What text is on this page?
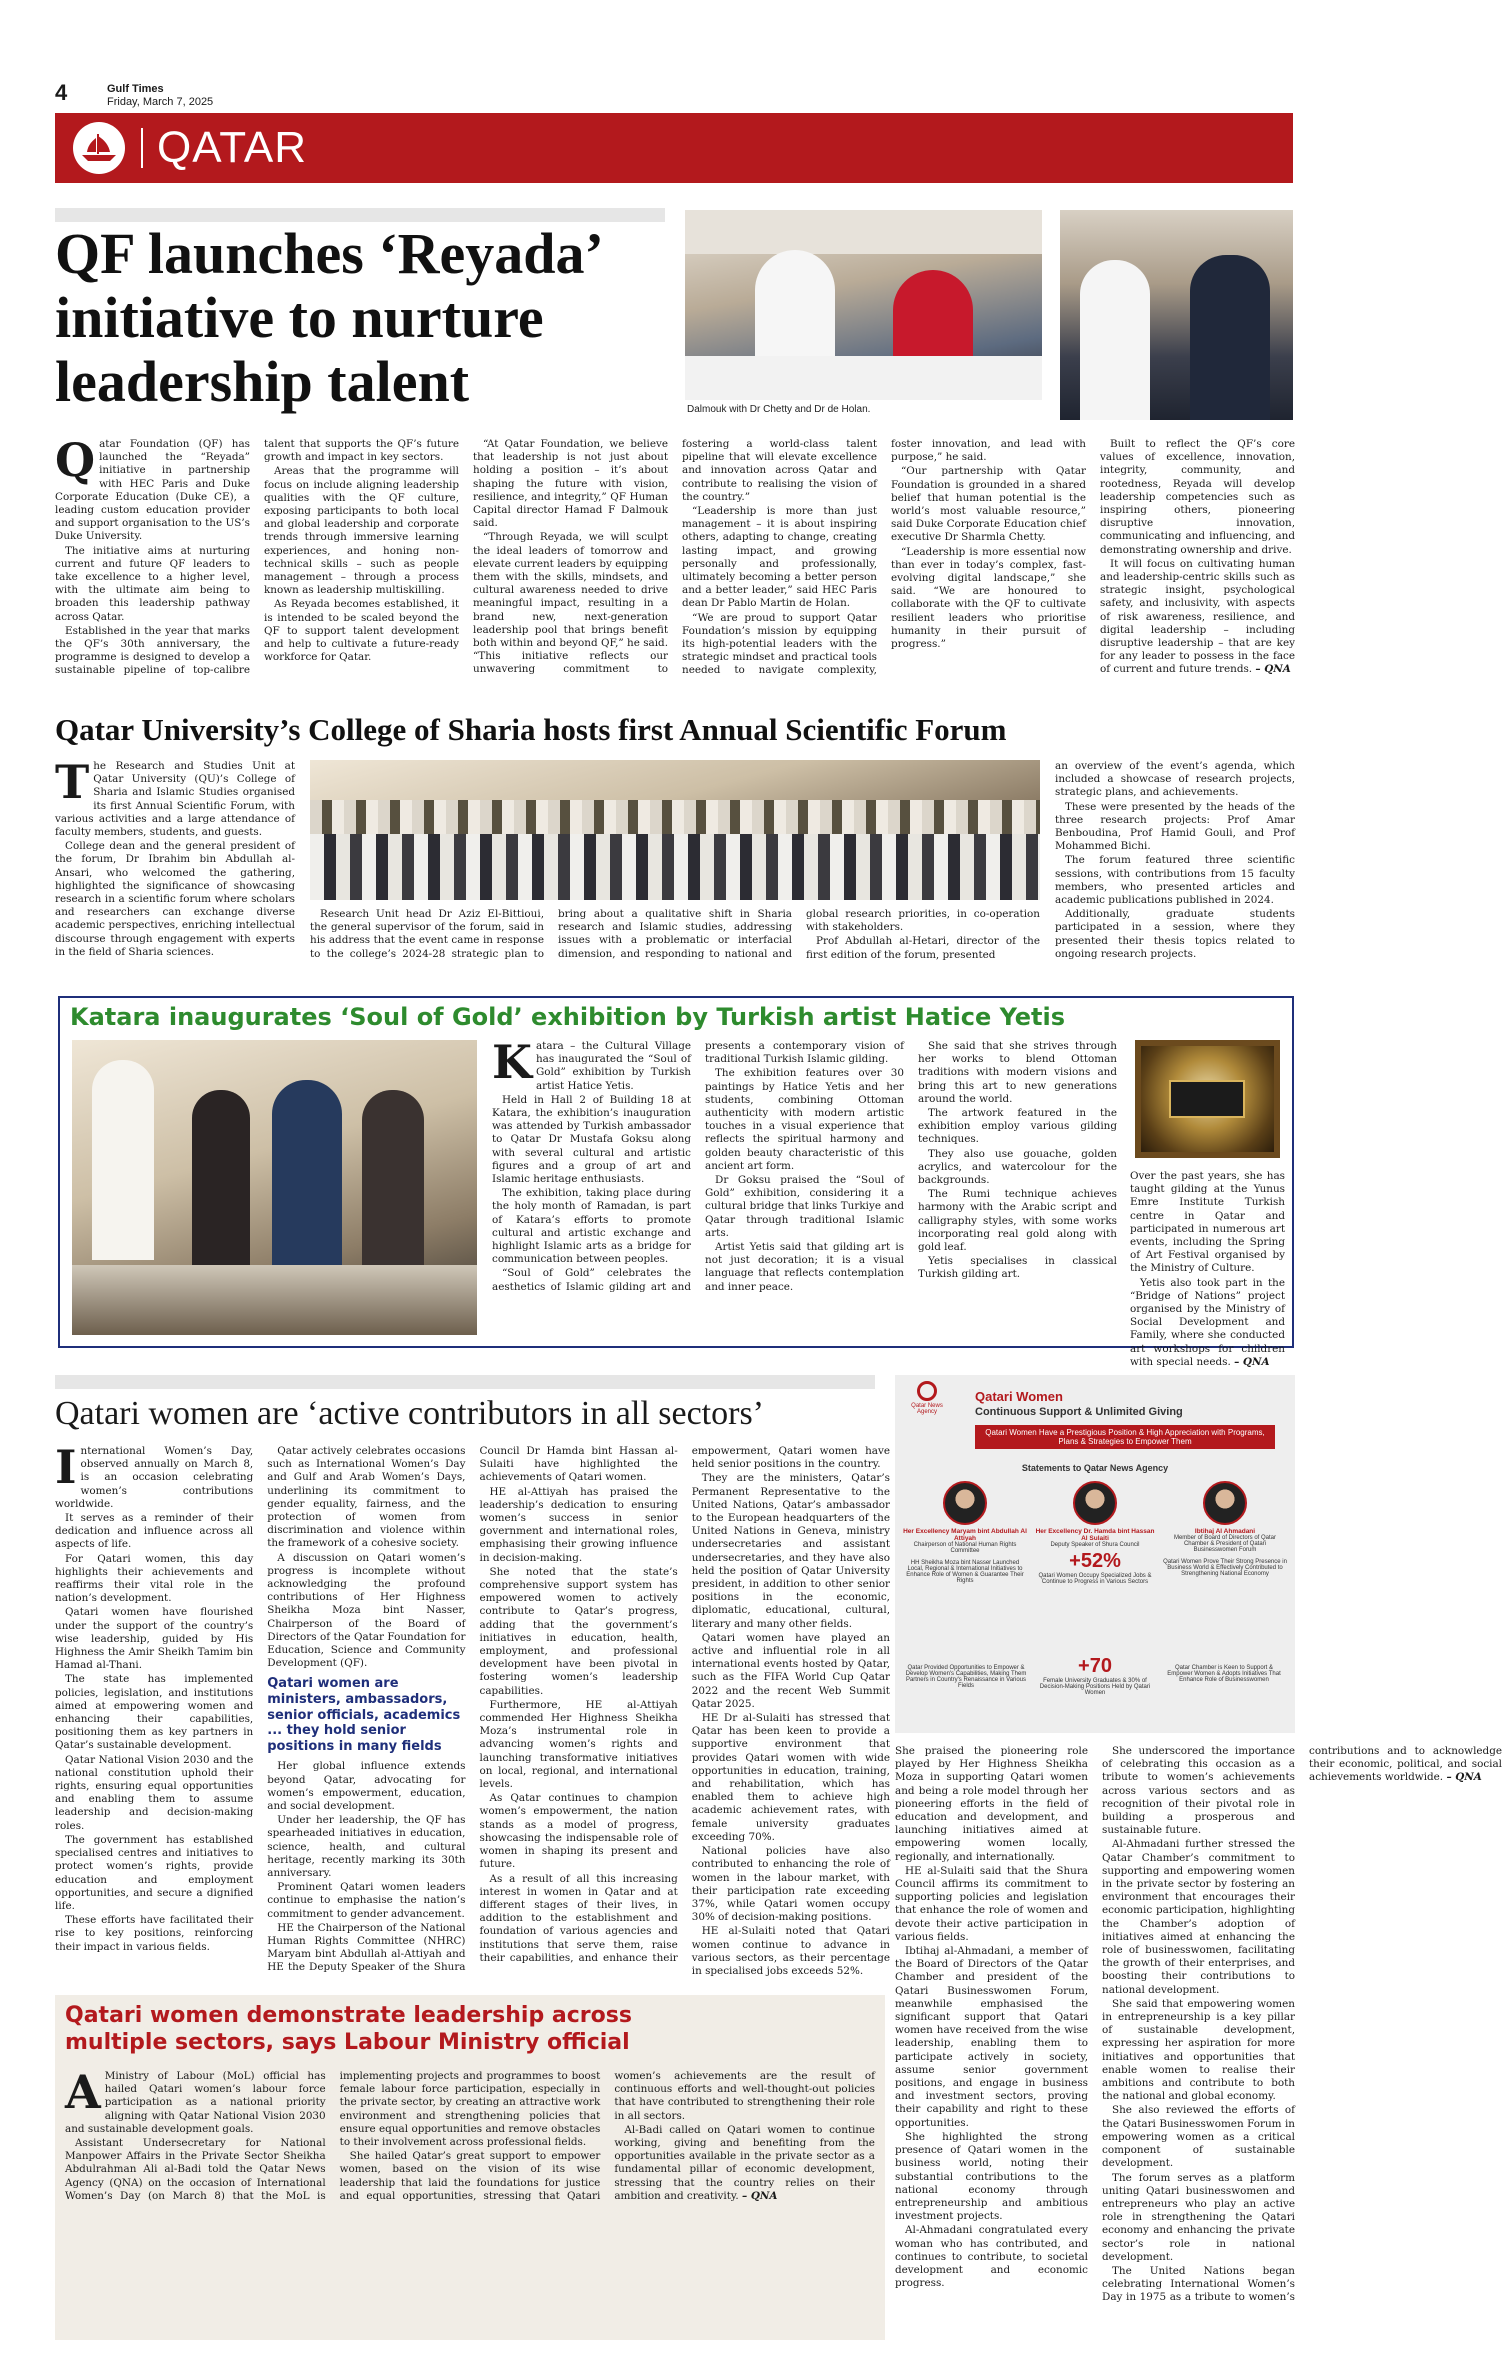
4	Gulf Times
Friday, March 7, 2025
QATAR
QF launches ‘Reyada’ initiative to nurture leadership talent	Dalmouk with Dr Chetty and Dr de Holan.

Qatar Foundation (QF) has launched the “Reyada” initiative in partnership with HEC Paris and Duke Corporate Education (Duke CE), a leading custom education provider and support organisation to the US’s Duke University.

The initiative aims at nurturing current and future QF leaders to take excellence to a higher level, with the ultimate aim being to broaden this leadership pathway across Qatar.

Established in the year that marks the QF’s 30th anniversary, the programme is designed to develop a sustainable pipeline of top-calibre talent that supports the QF’s future growth and impact in key sectors.

Areas that the programme will focus on include aligning leadership qualities with the QF culture, exposing participants to both local and global leadership and corporate trends through immersive learning experiences, and honing non-technical skills – such as people management – through a process known as leadership multiskilling.

As Reyada becomes established, it is intended to be scaled beyond the QF to support talent development and help to cultivate a future-ready workforce for Qatar.

“At Qatar Foundation, we believe that leadership is not just about holding a position – it’s about shaping the future with vision, resilience, and integrity,” QF Human Capital director Hamad F Dalmouk said.

“Through Reyada, we will sculpt the ideal leaders of tomorrow and elevate current leaders by equipping them with the skills, mindsets, and cultural awareness needed to drive meaningful impact, resulting in a brand new, next-generation leadership pool that brings benefit both within and beyond QF,” he said. “This initiative reflects our unwavering commitment to fostering a world-class talent pipeline that will elevate excellence and innovation across Qatar and contribute to realising the vision of the country.”

“Leadership is more than just management – it is about inspiring others, adapting to change, creating lasting impact, and growing personally and professionally, ultimately becoming a better person and a better leader,” said HEC Paris dean Dr Pablo Martin de Holan.

“We are proud to support Qatar Foundation’s mission by equipping its high-potential leaders with the strategic mindset and practical tools needed to navigate complexity, foster innovation, and lead with purpose,” he said.

“Our partnership with Qatar Foundation is grounded in a shared belief that human potential is the world’s most valuable resource,” said Duke Corporate Education chief executive Dr Sharmla Chetty.

“Leadership is more essential now than ever in today’s complex, fast-evolving digital landscape,” she said. “We are honoured to collaborate with the QF to cultivate resilient leaders who prioritise humanity in their pursuit of progress.”

Built to reflect the QF’s core values of excellence, innovation, integrity, community, and rootedness, Reyada will develop leadership competencies such as inspiring others, pioneering disruptive innovation, communicating and influencing, and demonstrating ownership and drive.

It will focus on cultivating human and leadership-centric skills such as strategic insight, psychological safety, and inclusivity, with aspects of risk awareness, resilience, and digital leadership – including disruptive leadership – that are key for any leader to possess in the face of current and future trends. – QNA

Qatar University’s College of Sharia hosts first Annual Scientific Forum

The Research and Studies Unit at Qatar University (QU)’s College of Sharia and Islamic Studies organised its first Annual Scientific Forum, with various activities and a large attendance of faculty members, students, and guests.

College dean and the general president of the forum, Dr Ibrahim bin Abdullah al-Ansari, who welcomed the gathering, highlighted the significance of showcasing research in a scientific forum where scholars and researchers can exchange diverse academic perspectives, enriching intellectual discourse through engagement with experts in the field of Sharia sciences.

Research Unit head Dr Aziz El-Bittioui, the general supervisor of the forum, said in his address that the event came in response to the college’s 2024-28 strategic plan to bring about a qualitative shift in Sharia research and Islamic studies, addressing issues with a problematic or interfacial dimension, and responding to national and global research priorities, in co-operation with stakeholders.

Prof Abdullah al-Hetari, director of the first edition of the forum, presented

an overview of the event’s agenda, which included a showcase of research projects, strategic plans, and achievements.

These were presented by the heads of the three research projects: Prof Amar Benboudina, Prof Hamid Gouli, and Prof Mohammed Bichi.

The forum featured three scientific sessions, with contributions from 15 faculty members, who presented articles and academic publications published in 2024.

Additionally, graduate students participated in a session, where they presented their thesis topics related to ongoing research projects.

Katara inaugurates ‘Soul of Gold’ exhibition by Turkish artist Hatice Yetis

Katara – the Cultural Village has inaugurated the “Soul of Gold” exhibition by Turkish artist Hatice Yetis.

Held in Hall 2 of Building 18 at Katara, the exhibition’s inauguration was attended by Turkish ambassador to Qatar Dr Mustafa Goksu along with several cultural and artistic figures and a group of art and Islamic heritage enthusiasts.

The exhibition, taking place during the holy month of Ramadan, is part of Katara’s efforts to promote cultural and artistic exchange and highlight Islamic arts as a bridge for communication between peoples.

“Soul of Gold” celebrates the aesthetics of Islamic gilding art and presents a contemporary vision of traditional Turkish Islamic gilding.

The exhibition features over 30 paintings by Hatice Yetis and her students, combining Ottoman authenticity with modern artistic touches in a visual experience that reflects the spiritual harmony and golden beauty characteristic of this ancient art form.

Dr Goksu praised the “Soul of Gold” exhibition, considering it a cultural bridge that links Turkiye and Qatar through traditional Islamic arts.

Artist Yetis said that gilding art is not just decoration; it is a visual language that reflects contemplation and inner peace.

She said that she strives through her works to blend Ottoman traditions with modern visions and bring this art to new generations around the world.

The artwork featured in the exhibition employ various gilding techniques.

They also use gouache, golden acrylics, and watercolour for the backgrounds.

The Rumi technique achieves harmony with the Arabic script and calligraphy styles, with some works incorporating real gold along with gold leaf.

Yetis specialises in classical Turkish gilding art.

Over the past years, she has taught gilding at the Yunus Emre Institute Turkish centre in Qatar and participated in numerous art events, including the Spring of Art Festival organised by the Ministry of Culture.

Yetis also took part in the “Bridge of Nations” project organised by the Ministry of Social Development and Family, where she conducted art workshops for children with special needs. – QNA

Qatari women are ‘active contributors in all sectors’

International Women’s Day, observed annually on March 8, is an occasion celebrating women’s contributions worldwide.

It serves as a reminder of their dedication and influence across all aspects of life.

For Qatari women, this day highlights their achievements and reaffirms their vital role in the nation’s development.

Qatari women have flourished under the support of the country’s wise leadership, guided by His Highness the Amir Sheikh Tamim bin Hamad al-Thani.

The state has implemented policies, legislation, and institutions aimed at empowering women and enhancing their capabilities, positioning them as key partners in Qatar’s sustainable development.

Qatar National Vision 2030 and the national constitution uphold their rights, ensuring equal opportunities and enabling them to assume leadership and decision-making roles.

The government has established specialised centres and initiatives to protect women’s rights, provide education and employment opportunities, and secure a dignified life.

These efforts have facilitated their rise to key positions, reinforcing their impact in various fields.

Qatar actively celebrates occasions such as International Women’s Day and Gulf and Arab Women’s Days, underlining its commitment to gender equality, fairness, and the protection of women from discrimination and violence within the framework of a cohesive society.

A discussion on Qatari women’s progress is incomplete without acknowledging the profound contributions of Her Highness Sheikha Moza bint Nasser, Chairperson of the Board of Directors of the Qatar Foundation for Education, Science and Community Development (QF).

Qatari women are ministers, ambassadors, senior officials, academics ... they hold senior positions in many fields

Her global influence extends beyond Qatar, advocating for women’s empowerment, education, and social development.

Under her leadership, the QF has spearheaded initiatives in education, science, health, and cultural heritage, recently marking its 30th anniversary.

Prominent Qatari women leaders continue to emphasise the nation’s commitment to gender advancement.

HE the Chairperson of the National Human Rights Committee (NHRC) Maryam bint Abdullah al-Attiyah and HE the Deputy Speaker of the Shura Council Dr Hamda bint Hassan al-Sulaiti have highlighted the achievements of Qatari women.

HE al-Attiyah has praised the leadership’s dedication to ensuring women’s success in senior government and international roles, emphasising their growing influence in decision-making.

She noted that the state’s comprehensive support system has empowered women to actively contribute to Qatar’s progress, adding that the government’s initiatives in education, health, employment, and professional development have been pivotal in fostering women’s leadership capabilities.

Furthermore, HE al-Attiyah commended Her Highness Sheikha Moza’s instrumental role in advancing women’s rights and launching transformative initiatives on local, regional, and international levels.

As Qatar continues to champion women’s empowerment, the nation stands as a model of progress, showcasing the indispensable role of women in shaping its present and future.

As a result of all this increasing interest in women in Qatar and at different stages of their lives, in addition to the establishment and foundation of various agencies and institutions that serve them, raise their capabilities, and enhance their empowerment, Qatari women have held senior positions in the country.

They are the ministers, Qatar’s Permanent Representative to the United Nations, Qatar’s ambassador to the European headquarters of the United Nations in Geneva, ministry undersecretaries and assistant undersecretaries, and they have also held the position of Qatar University president, in addition to other senior positions in the economic, diplomatic, educational, cultural, literary and many other fields.

Qatari women have played an active and influential role in all international events hosted by Qatar, such as the FIFA World Cup Qatar 2022 and the recent Web Summit Qatar 2025.

HE Dr al-Sulaiti has stressed that Qatar has been keen to provide a supportive environment that provides Qatari women with wide opportunities in education, training, and rehabilitation, which has enabled them to achieve high academic achievement rates, with female university graduates exceeding 70%.

National policies have also contributed to enhancing the role of women in the labour market, with their participation rate exceeding 37%, while Qatari women occupy 30% of decision-making positions.

HE al-Sulaiti noted that Qatari women continue to advance in various sectors, as their percentage in specialised jobs exceeds 52%.

Qatar News Agency
Qatari Women
Continuous Support & Unlimited Giving
Qatari Women Have a Prestigious Position & High Appreciation with Programs, Plans & Strategies to Empower Them
Statements to Qatar News Agency
Her Excellency Maryam bint Abdullah Al Attiyah
Chairperson of National Human Rights Committee
HH Sheikha Moza bint Nasser Launched Local, Regional & International Initiatives to Enhance Role of Women & Guarantee Their Rights
Her Excellency Dr. Hamda bint Hassan Al Sulaiti
Deputy Speaker of Shura Council
+52%
Qatari Women Occupy Specialized Jobs & Continue to Progress in Various Sectors
Ibtihaj Al Ahmadani
Member of Board of Directors of Qatar Chamber & President of Qatari Businesswomen Forum
Qatari Women Prove Their Strong Presence in Business World & Effectively Contributed to Strengthening National Economy
Qatar Provided Opportunities to Empower & Develop Women's Capabilities, Making Them Partners in Country's Renaissance in Various Fields
+70
Female University Graduates & 30% of Decision-Making Positions Held by Qatari Women
Qatar Chamber is Keen to Support & Empower Women & Adopts Initiatives That Enhance Role of Businesswomen

She praised the pioneering role played by Her Highness Sheikha Moza in supporting Qatari women and being a role model through her pioneering efforts in the field of education and development, and launching initiatives aimed at empowering women locally, regionally, and internationally.

HE al-Sulaiti said that the Shura Council affirms its commitment to supporting policies and legislation that enhance the role of women and devote their active participation in various fields.

Ibtihaj al-Ahmadani, a member of the Board of Directors of the Qatar Chamber and president of the Qatari Businesswomen Forum, meanwhile emphasised the significant support that Qatari women have received from the wise leadership, enabling them to participate actively in society, assume senior government positions, and engage in business and investment sectors, proving their capability and right to these opportunities.

She highlighted the strong presence of Qatari women in the business world, noting their substantial contributions to the national economy through entrepreneurship and ambitious investment projects.

Al-Ahmadani congratulated every woman who has contributed, and continues to contribute, to societal development and economic progress.

She underscored the importance of celebrating this occasion as a tribute to women’s achievements across various sectors and as recognition of their pivotal role in building a prosperous and sustainable future.

Al-Ahmadani further stressed the Qatar Chamber’s commitment to supporting and empowering women in the private sector by fostering an environment that encourages their economic participation, highlighting the Chamber’s adoption of initiatives aimed at enhancing the role of businesswomen, facilitating the growth of their enterprises, and boosting their contributions to national development.

She said that empowering women in entrepreneurship is a key pillar of sustainable development, expressing her aspiration for more initiatives and opportunities that enable women to realise their ambitions and contribute to both the national and global economy.

She also reviewed the efforts of the Qatari Businesswomen Forum in empowering women as a critical component of sustainable development.

The forum serves as a platform uniting Qatari businesswomen and entrepreneurs who play an active role in strengthening the Qatari economy and enhancing the private sector’s role in national development.

The United Nations began celebrating International Women’s Day in 1975 as a tribute to women’s contributions and to acknowledge their economic, political, and social achievements worldwide. – QNA

Qatari women demonstrate leadership across multiple sectors, says Labour Ministry official

AMinistry of Labour (MoL) official has hailed Qatari women’s labour force participation as a national priority aligning with Qatar National Vision 2030 and sustainable development goals.

Assistant Undersecretary for National Manpower Affairs in the Private Sector Sheikha Abdulrahman Ali al-Badi told the Qatar News Agency (QNA) on the occasion of International Women’s Day (on March 8) that the MoL is implementing projects and programmes to boost female labour force participation, especially in the private sector, by creating an attractive work environment and strengthening policies that ensure equal opportunities and remove obstacles to their involvement across professional fields.

She hailed Qatar’s great support to empower women, based on the vision of its wise leadership that laid the foundations for justice and equal opportunities, stressing that Qatari women’s achievements are the result of continuous efforts and well-thought-out policies that have contributed to strengthening their role in all sectors.

Al-Badi called on Qatari women to continue working, giving and benefiting from the opportunities available in the private sector as a fundamental pillar of economic development, stressing that the country relies on their ambition and creativity. – QNA
